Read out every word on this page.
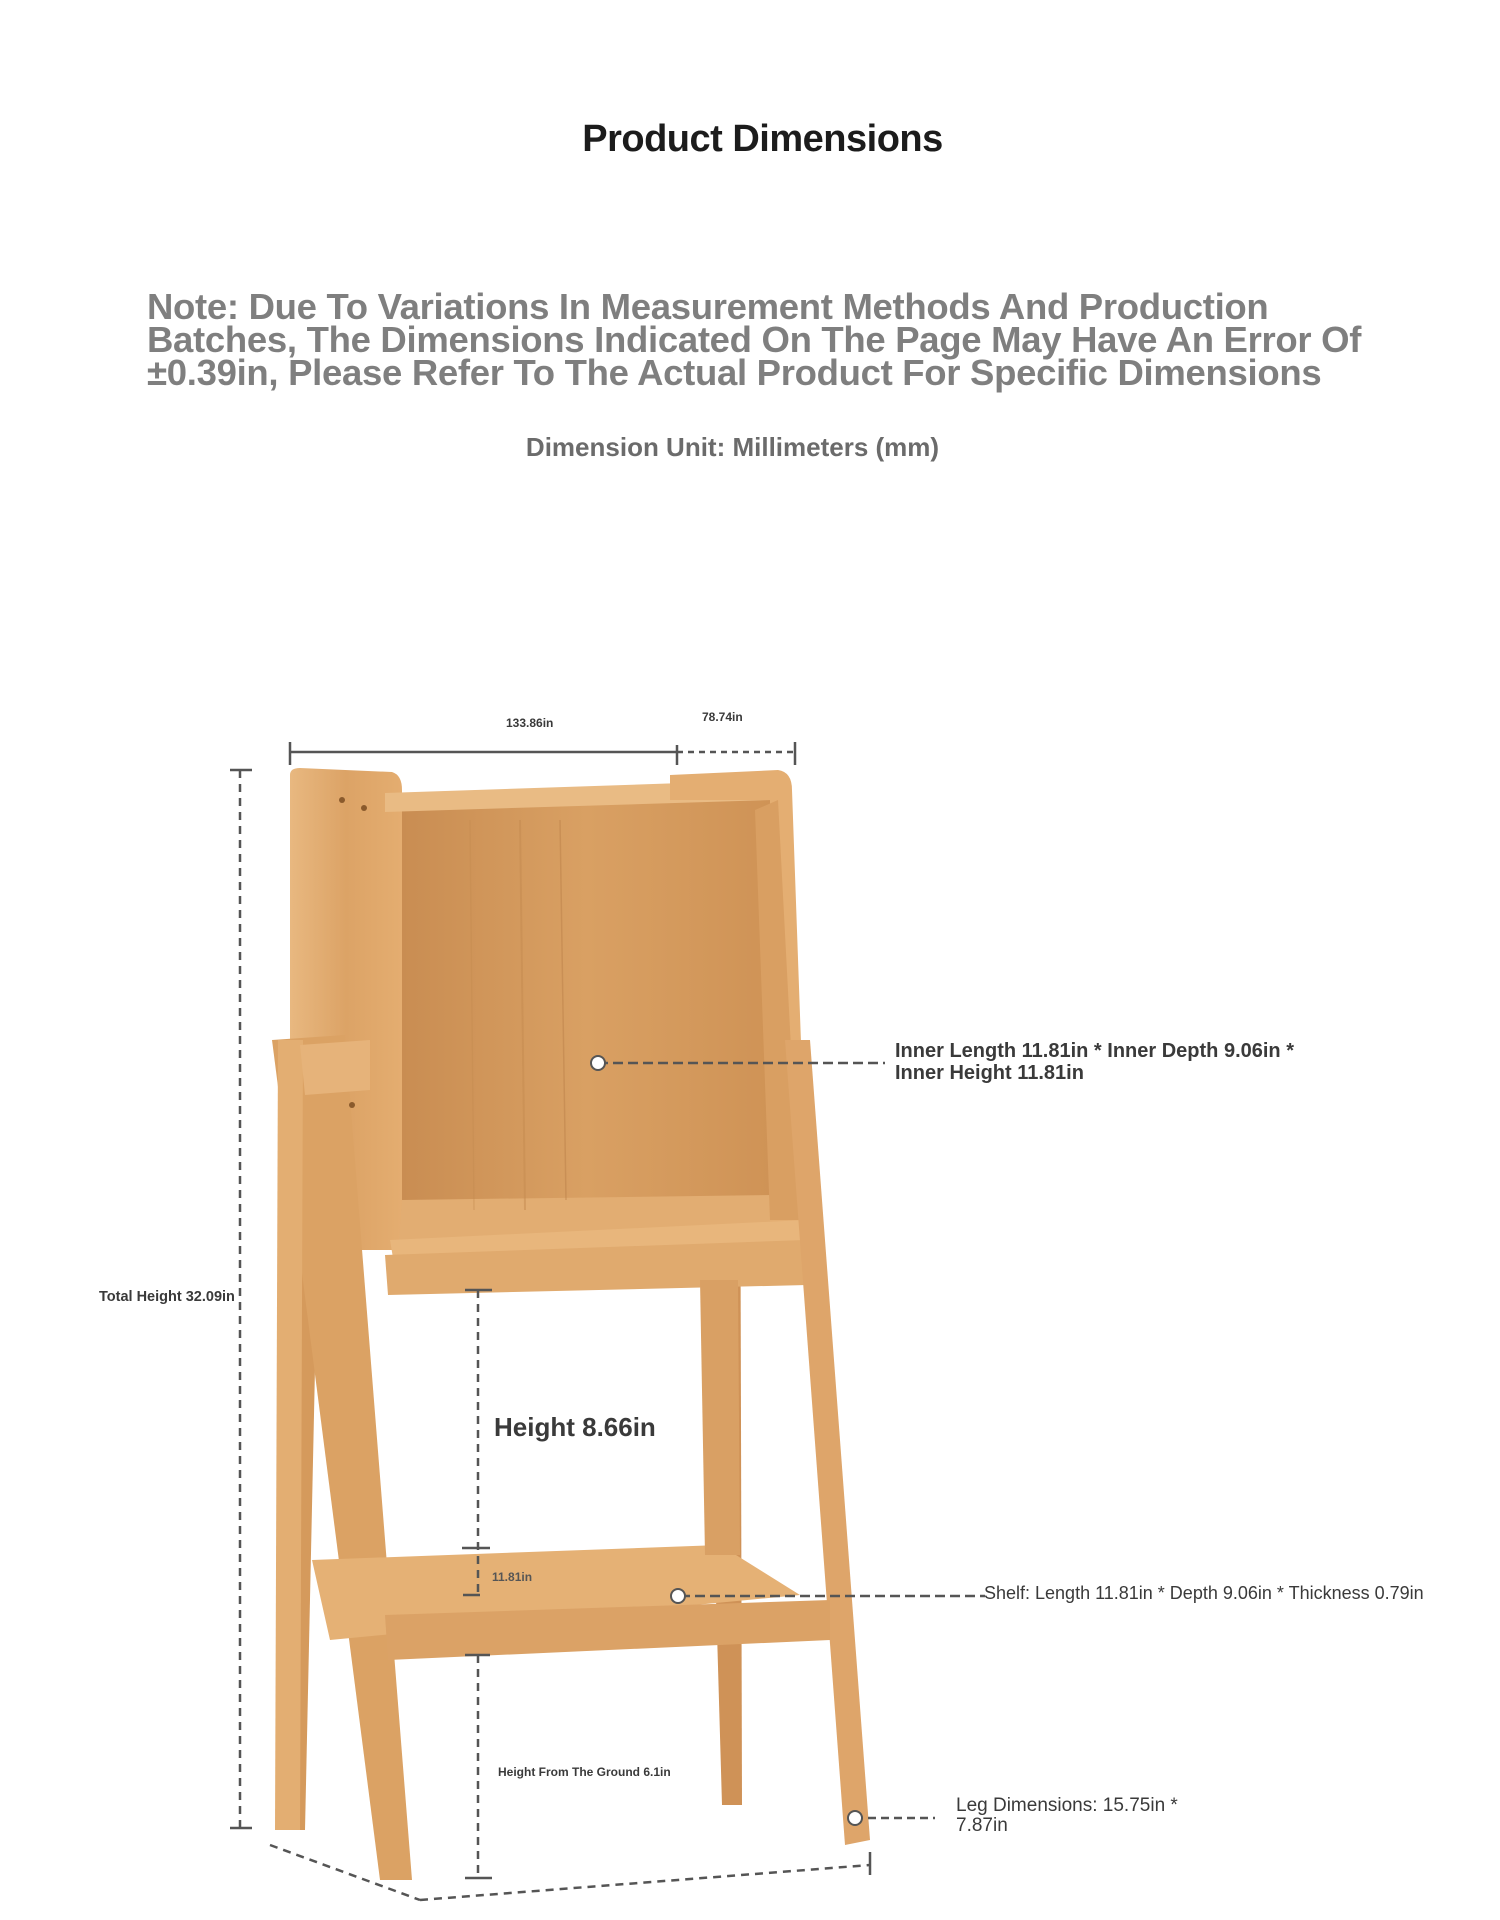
Product Dimensions
Note: Due To Variations In Measurement Methods And Production Batches, The Dimensions Indicated On The Page May Have An Error Of ±0.39in, Please Refer To The Actual Product For Specific Dimensions
Dimension Unit: Millimeters (mm)
133.86in	78.74in
Total Height 32.09in
Inner Length 11.81in * Inner Depth 9.06in * Inner Height 11.81in
Height 8.66in
11.81in
Shelf: Length 11.81in * Depth 9.06in * Thickness 0.79in
Height From The Ground 6.1in
Leg Dimensions: 15.75in * 7.87in
